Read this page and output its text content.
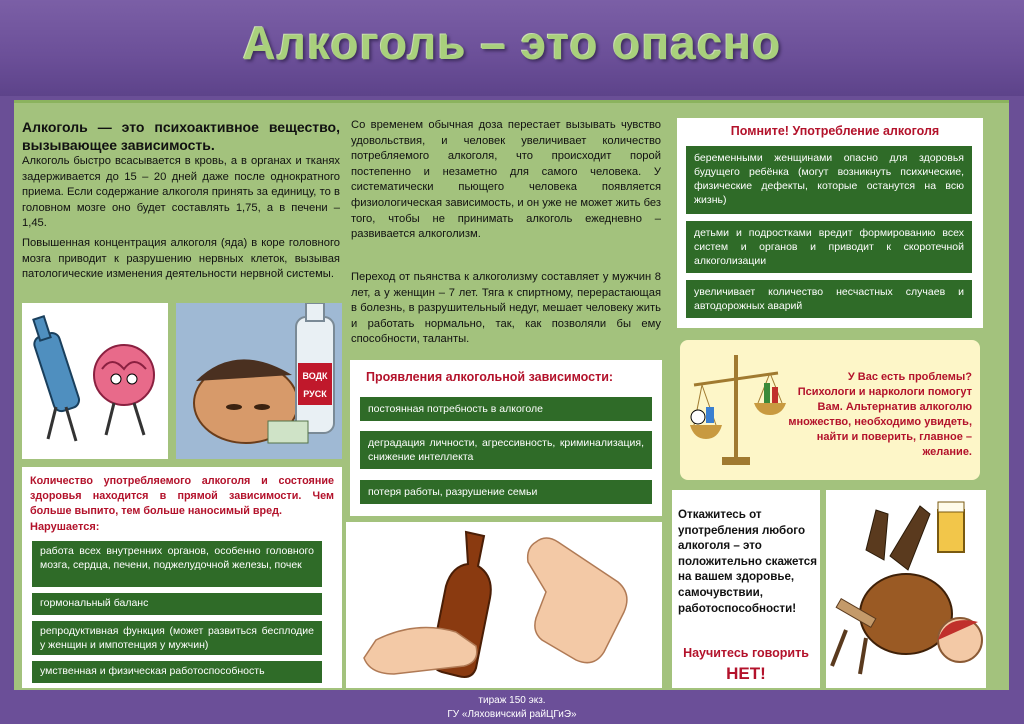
Алкоголь – это опасно
Алкоголь — это психоактивное вещество, вызывающее зависимость.
Алкоголь быстро всасывается в кровь, а в органах и тканях задерживается до 15 – 20 дней даже после однократного приема. Если содержание алкоголя принять за единицу, то в головном мозге оно будет составлять 1,75, а в печени – 1,45.
Повышенная концентрация алкоголя (яда) в коре головного мозга приводит к разрушению нервных клеток, вызывая патологические изменения деятельности нервной системы.
ВОДК
РУСК
Количество употребляемого алкоголя и состояние здоровья находится в прямой зависимости. Чем больше выпито, тем больше наносимый вред.
Нарушается:
работа всех внутренних органов, особенно головного мозга, сердца, печени, поджелудочной железы, почек
гормональный баланс
репродуктивная функция (может развиться бесплодие у женщин и импотенция у мужчин)
умственная и физическая работоспособность
Со временем обычная доза перестает вызывать чувство удовольствия, и человек увеличивает количество потребляемого алкоголя, что происходит порой постепенно и незаметно для самого человека. У систематически пьющего человека появляется физиологическая зависимость, и он уже не может жить без того, чтобы не принимать алкоголь ежедневно – развивается алкоголизм.
Переход от пьянства к алкоголизму составляет у мужчин 8 лет, а у женщин – 7 лет. Тяга к спиртному, перерастающая в болезнь, в разрушительный недуг, мешает человеку жить и работать нормально, так, как позволяли бы ему способности, таланты.
Проявления алкогольной зависимости:
постоянная потребность в алкоголе
деградация личности, агрессивность, криминализация, снижение интеллекта
потеря работы, разрушение семьи
Помните! Употребление алкоголя
беременными женщинами опасно для здоровья будущего ребёнка (могут возникнуть психические, физические дефекты, которые останутся на всю жизнь)
детьми и подростками вредит формированию всех систем и органов и приводит к скоротечной алкоголизации
увеличивает количество несчастных случаев и автодорожных аварий
У Вас есть проблемы? Психологи и наркологи помогут Вам. Альтернатив алкоголю множество, необходимо увидеть, найти и поверить, главное – желание.
Откажитесь от употребления любого алкоголя – это положительно скажется на вашем здоровье, самочувствии, работоспособности!
Научитесь говорить
НЕТ!
тираж 150 экз.
ГУ «Ляховичский райЦГиЭ»
